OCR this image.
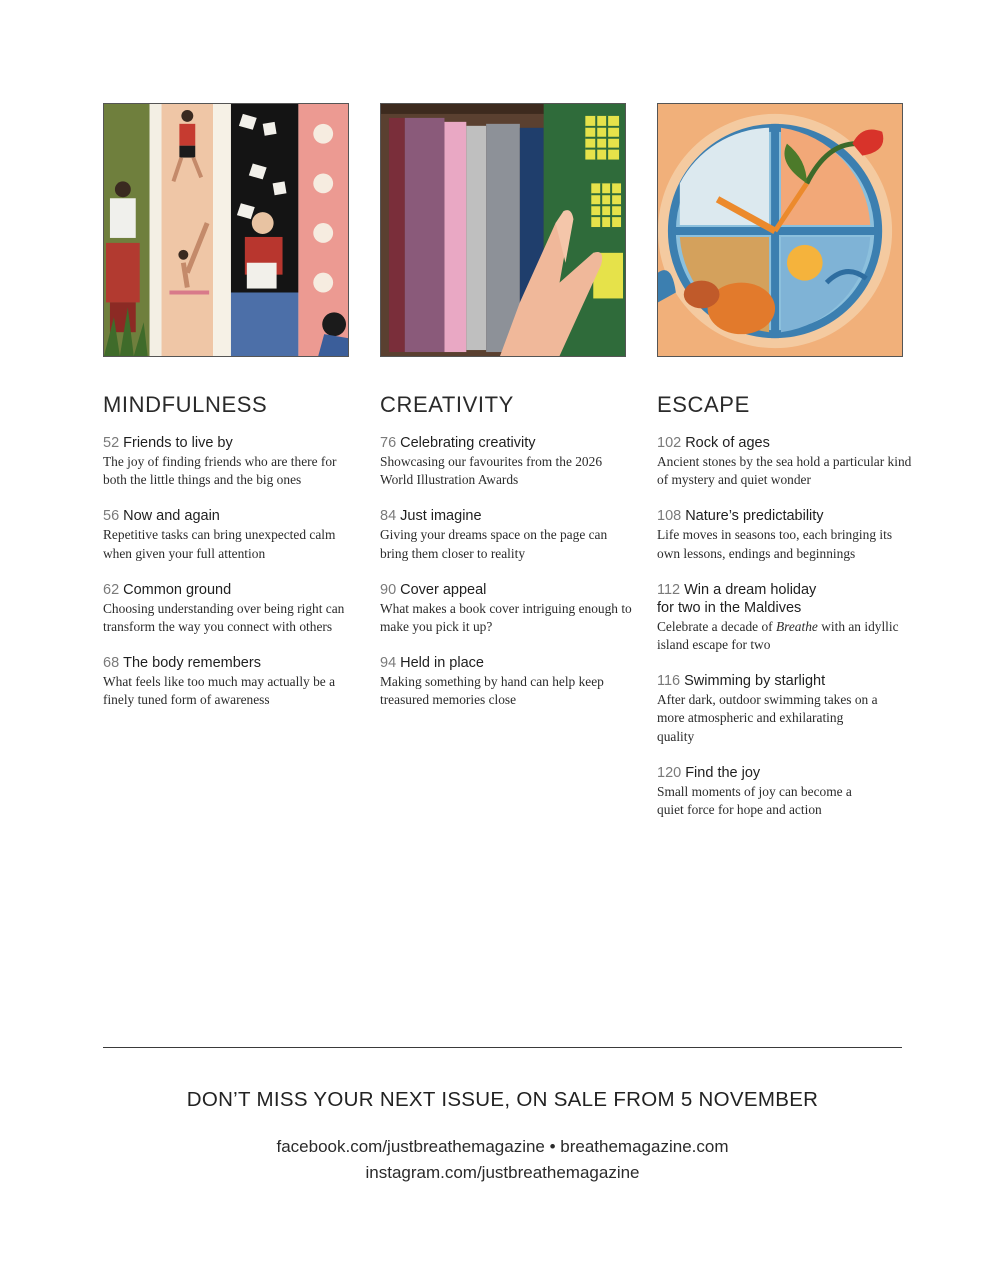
MINDFULNESS
52 Friends to live by
The joy of finding friends who are there for both the little things and the big ones
56 Now and again
Repetitive tasks can bring unexpected calm when given your full attention
62 Common ground
Choosing understanding over being right can transform the way you connect with others
68 The body remembers
What feels like too much may actually be a finely tuned form of awareness
CREATIVITY
76 Celebrating creativity
Showcasing our favourites from the 2026 World Illustration Awards
84 Just imagine
Giving your dreams space on the page can bring them closer to reality
90 Cover appeal
What makes a book cover intriguing enough to make you pick it up?
94 Held in place
Making something by hand can help keep treasured memories close
ESCAPE
102 Rock of ages
Ancient stones by the sea hold a particular kind of mystery and quiet wonder
108 Nature’s predictability
Life moves in seasons too, each bringing its own lessons, endings and beginnings
112 Win a dream holiday for two in the Maldives
Celebrate a decade of Breathe with an idyllic island escape for two
116 Swimming by starlight
After dark, outdoor swimming takes on a more atmospheric and exhilarating quality
120 Find the joy
Small moments of joy can become a quiet force for hope and action
DON’T MISS YOUR NEXT ISSUE, ON SALE FROM 5 NOVEMBER
facebook.com/justbreathemagazine • breathemagazine.com
instagram.com/justbreathemagazine
